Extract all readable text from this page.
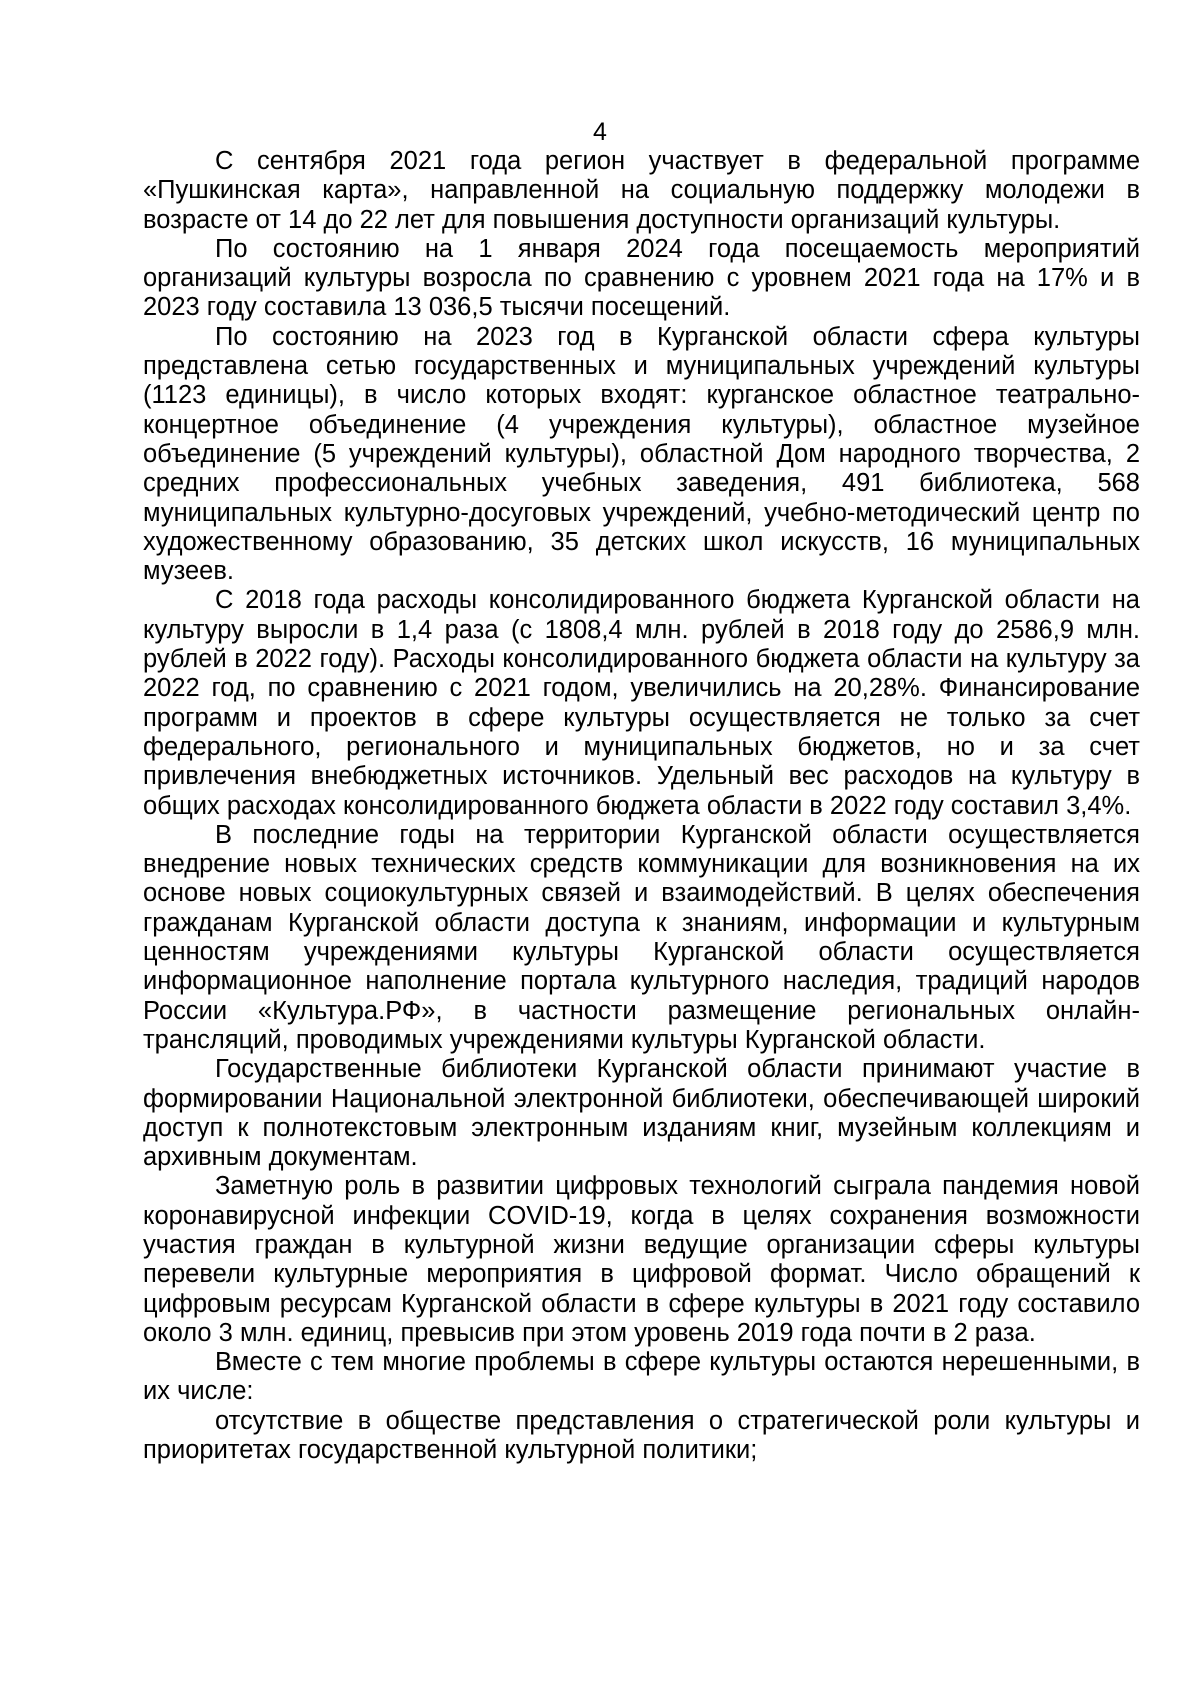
4

С сентября 2021 года регион участвует в федеральной программе «Пушкинская карта», направленной на социальную поддержку молодежи в возрасте от 14 до 22 лет для повышения доступности организаций культуры.

По состоянию на 1 января 2024 года посещаемость мероприятий организаций культуры возросла по сравнению с уровнем 2021 года на 17% и в 2023 году составила 13 036,5 тысячи посещений.

По состоянию на 2023 год в Курганской области сфера культуры представлена сетью государственных и муниципальных учреждений культуры (1123 единицы), в число которых входят: курганское областное театрально-концертное объединение (4 учреждения культуры), областное музейное объединение (5 учреждений культуры), областной Дом народного творчества, 2 средних профессиональных учебных заведения, 491 библиотека, 568 муниципальных культурно-досуговых учреждений, учебно-методический центр по художественному образованию, 35 детских школ искусств, 16 муниципальных музеев.

С 2018 года расходы консолидированного бюджета Курганской области на культуру выросли в 1,4 раза (с 1808,4 млн. рублей в 2018 году до 2586,9 млн. рублей в 2022 году). Расходы консолидированного бюджета области на культуру за 2022 год, по сравнению с 2021 годом, увеличились на 20,28%. Финансирование программ и проектов в сфере культуры осуществляется не только за счет федерального, регионального и муниципальных бюджетов, но и за счет привлечения внебюджетных источников. Удельный вес расходов на культуру в общих расходах консолидированного бюджета области в 2022 году составил 3,4%.

В последние годы на территории Курганской области осуществляется внедрение новых технических средств коммуникации для возникновения на их основе новых социокультурных связей и взаимодействий. В целях обеспечения гражданам Курганской области доступа к знаниям, информации и культурным ценностям учреждениями культуры Курганской области осуществляется информационное наполнение портала культурного наследия, традиций народов России «Культура.РФ», в частности размещение региональных онлайн-трансляций, проводимых учреждениями культуры Курганской области.

Государственные библиотеки Курганской области принимают участие в формировании Национальной электронной библиотеки, обеспечивающей широкий доступ к полнотекстовым электронным изданиям книг, музейным коллекциям и архивным документам.

Заметную роль в развитии цифровых технологий сыграла пандемия новой коронавирусной инфекции COVID-19, когда в целях сохранения возможности участия граждан в культурной жизни ведущие организации сферы культуры перевели культурные мероприятия в цифровой формат. Число обращений к цифровым ресурсам Курганской области в сфере культуры в 2021 году составило около 3 млн. единиц, превысив при этом уровень 2019 года почти в 2 раза.

Вместе с тем многие проблемы в сфере культуры остаются нерешенными, в их числе:

отсутствие в обществе представления о стратегической роли культуры и приоритетах государственной культурной политики;
